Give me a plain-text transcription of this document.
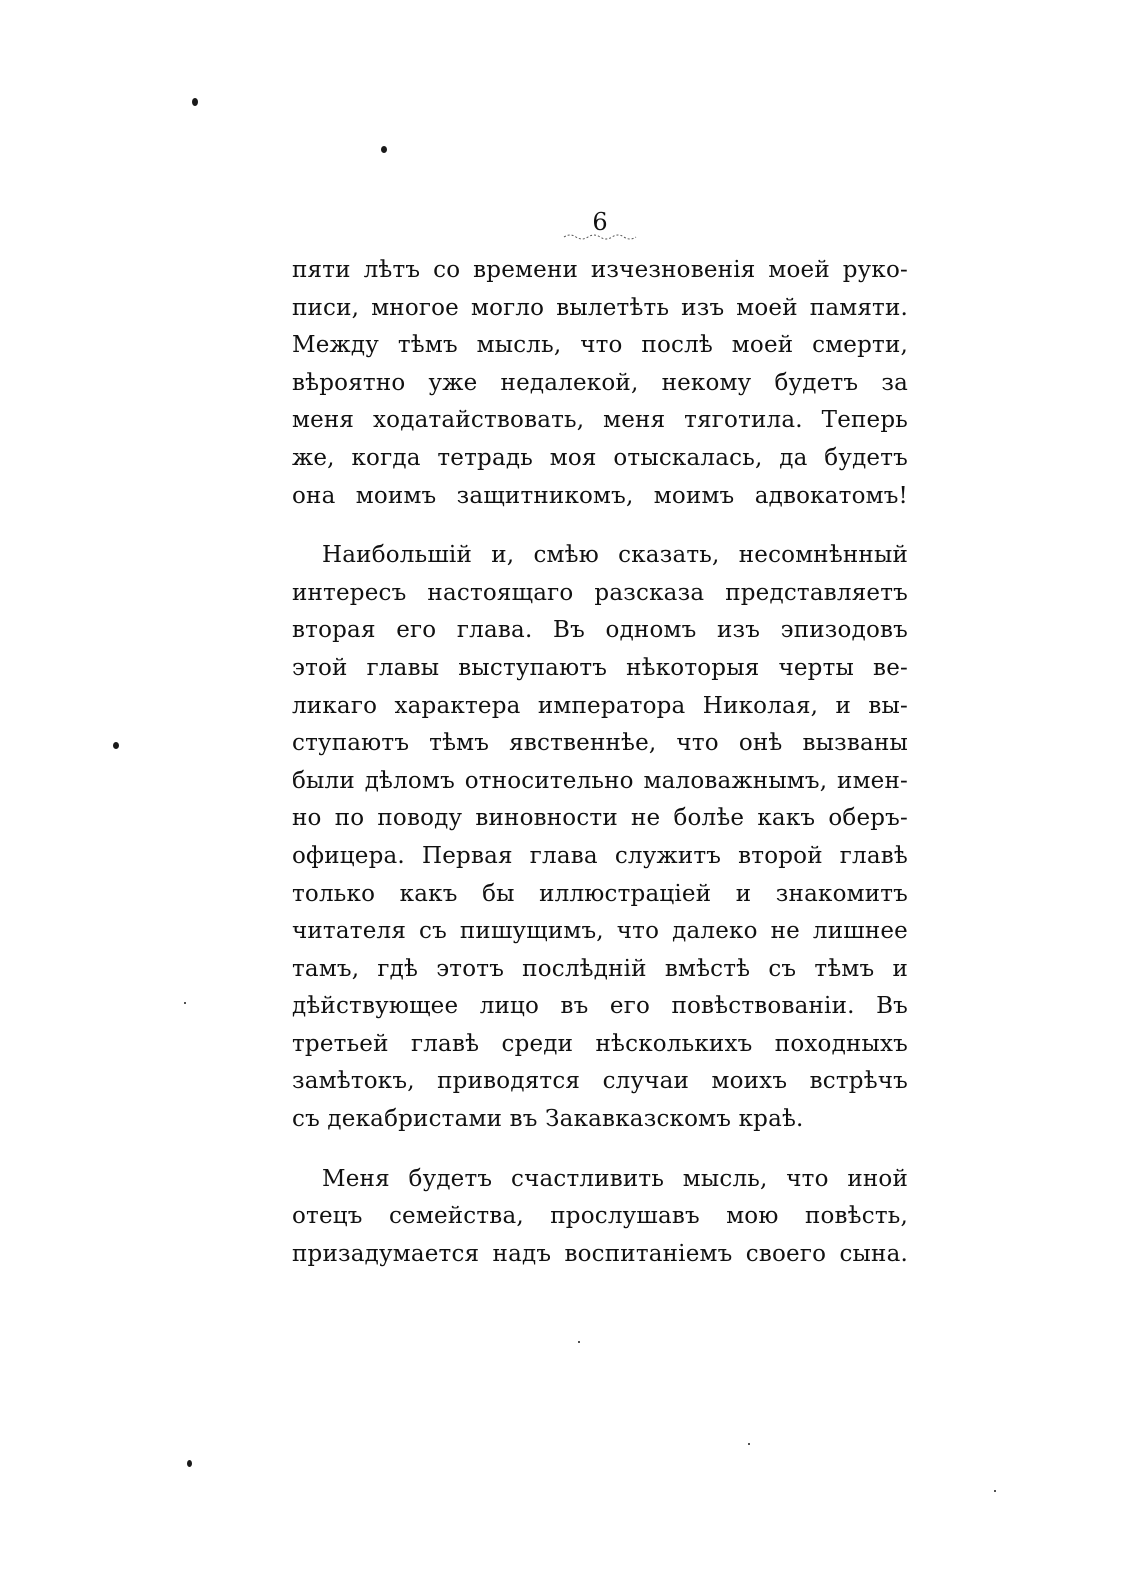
6
пяти лѣтъ со времени изчезновенія моей руко-
писи, многое могло вылетѣть изъ моей памяти.
Между тѣмъ мысль, что послѣ моей смерти,
вѣроятно уже недалекой, некому будетъ за
меня ходатайствовать, меня тяготила. Теперь
же, когда тетрадь моя отыскалась, да будетъ
она моимъ защитникомъ, моимъ адвокатомъ!
Наибольшій и, смѣю сказать, несомнѣнный
интересъ настоящаго разсказа представляетъ
вторая его глава. Въ одномъ изъ эпизодовъ
этой главы выступаютъ нѣкоторыя черты ве-
ликаго характера императора Николая, и вы-
ступаютъ тѣмъ явственнѣе, что онѣ вызваны
были дѣломъ относительно маловажнымъ, имен-
но по поводу виновности не болѣе какъ оберъ-
офицера. Первая глава служитъ второй главѣ
только какъ бы иллюстраціей и знакомитъ
читателя съ пишущимъ, что далеко не лишнее
тамъ, гдѣ этотъ послѣдній вмѣстѣ съ тѣмъ и
дѣйствующее лицо въ его повѣствованіи. Въ
третьей главѣ среди нѣсколькихъ походныхъ
замѣтокъ, приводятся случаи моихъ встрѣчъ
съ декабристами въ Закавказскомъ краѣ.
Меня будетъ счастливить мысль, что иной
отецъ семейства, прослушавъ мою повѣсть,
призадумается надъ воспитаніемъ своего сына.
